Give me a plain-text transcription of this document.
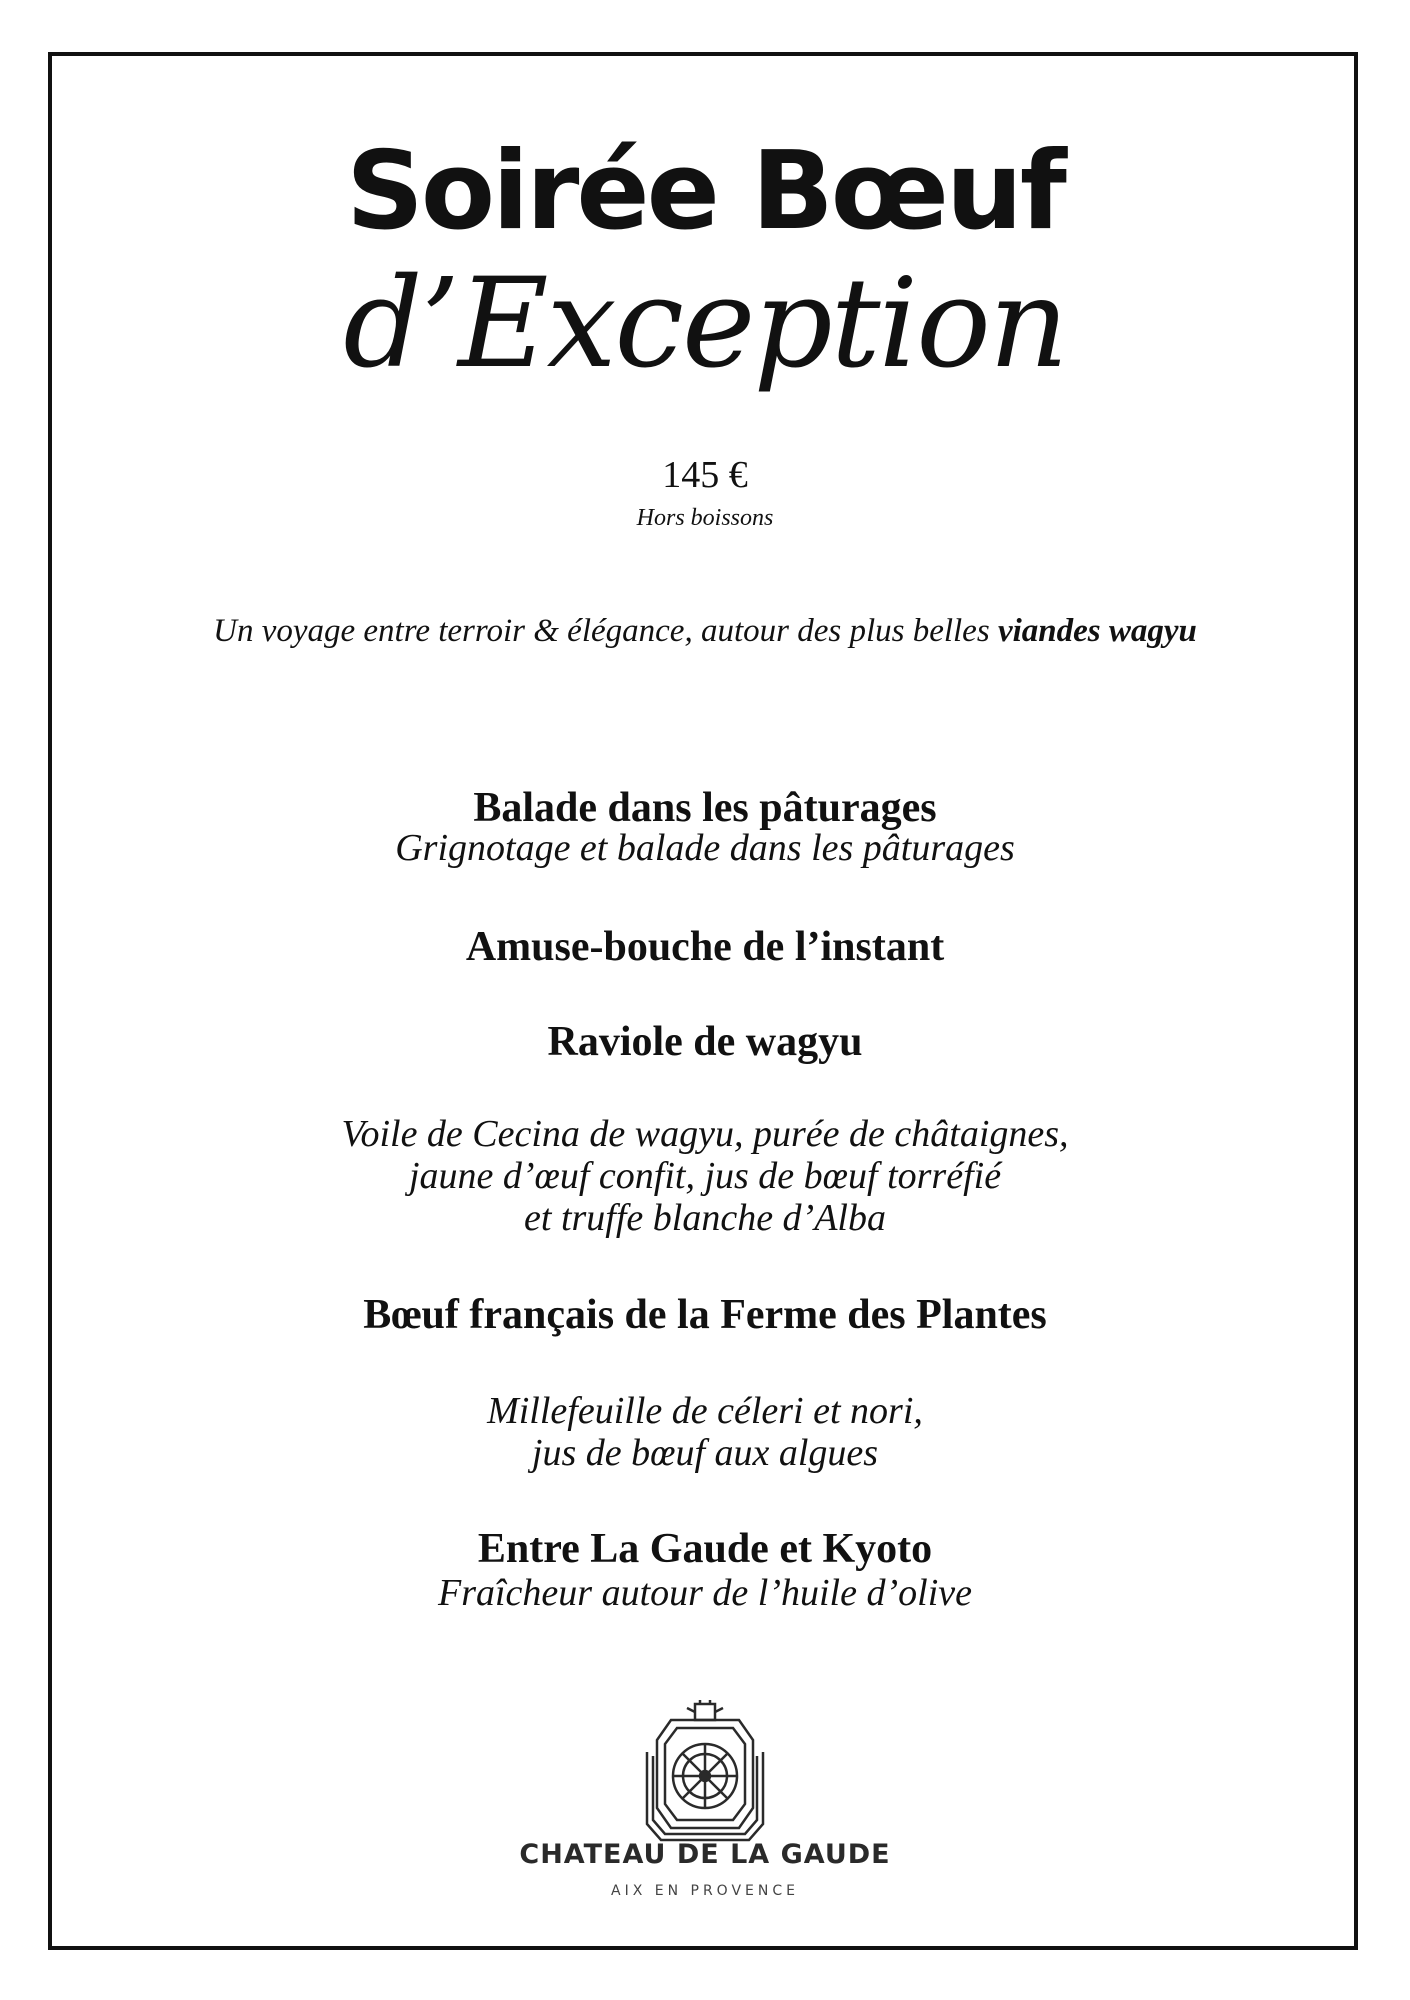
Soirée Bœuf
d’Exception
145 €
Hors boissons
Un voyage entre terroir & élégance, autour des plus belles viandes wagyu
Balade dans les pâturages
Grignotage et balade dans les pâturages
Amuse-bouche de l’instant
Raviole de wagyu
Voile de Cecina de wagyu, purée de châtaignes,
jaune d’œuf confit, jus de bœuf torréfié
et truffe blanche d’Alba
Bœuf français de la Ferme des Plantes
Millefeuille de céleri et nori,
jus de bœuf aux algues
Entre La Gaude et Kyoto
Fraîcheur autour de l’huile d’olive
CHATEAU DE LA GAUDE
AIX EN PROVENCE
